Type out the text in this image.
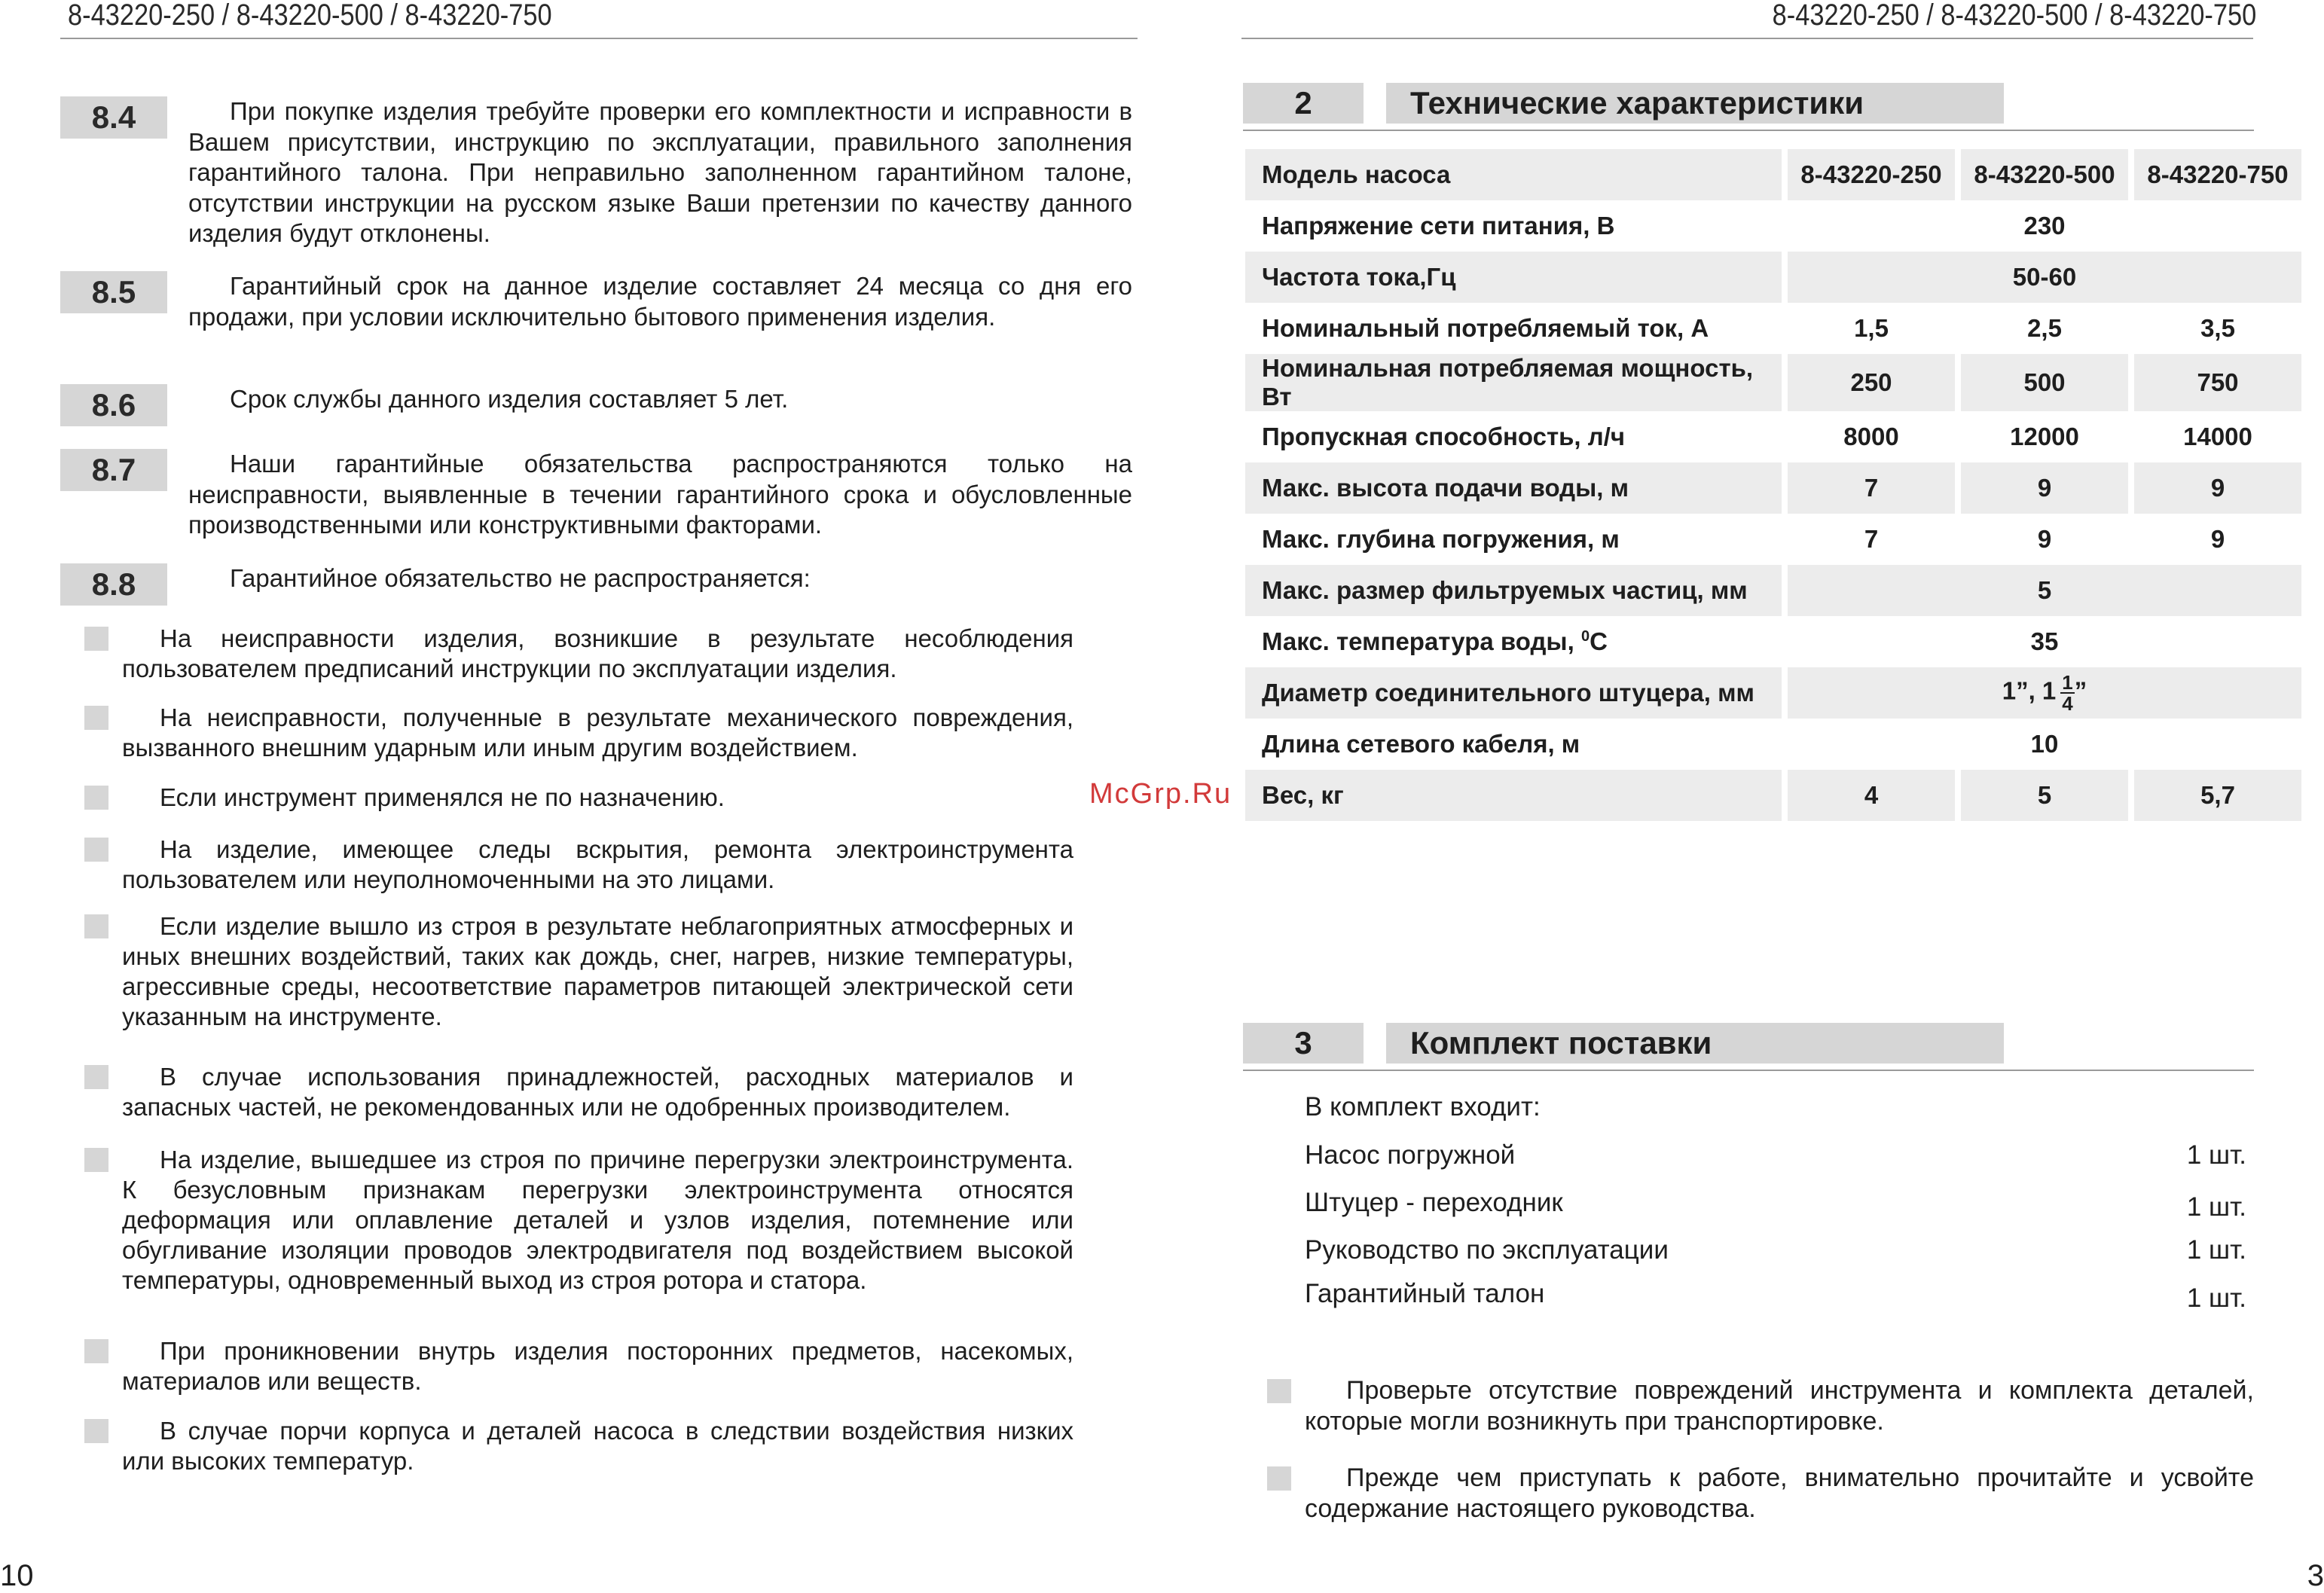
8-43220-250 / 8-43220-500 / 8-43220-750	8-43220-250 / 8-43220-500 / 8-43220-750
8.4	При покупке изделия требуйте проверки его комплектности и исправности в Вашем присутствии, инструкцию по эксплуатации, правильного заполнения гарантийного талона. При неправильно заполненном гарантийном талоне, отсутствии инструкции на русском языке Ваши претензии по качеству данного изделия будут отклонены.
8.5	Гарантийный срок на данное изделие составляет 24 месяца со дня его продажи, при условии исключительно бытового применения изделия.
8.6	Срок службы данного изделия составляет 5 лет.
8.7	Наши гарантийные обязательства распространяются только на неисправности, выявленные в течении гарантийного срока и обусловленные производственными или конструктивными факторами.
8.8	Гарантийное обязательство не распространяется:
На неисправности изделия, возникшие в результате несоблюдения пользователем предписаний инструкции по эксплуатации изделия.
На неисправности, полученные в результате механического повреждения, вызванного внешним ударным или иным другим воздействием.
Если инструмент применялся не по назначению.
На изделие, имеющее следы вскрытия, ремонта электроинструмента пользователем или неуполномоченными на это лицами.
Если изделие вышло из строя в результате неблагоприятных атмосферных и иных внешних воздействий, таких как дождь, снег, нагрев, низкие температуры, агрессивные среды, несоответствие параметров питающей электрической сети указанным на инструменте.
В случае использования принадлежностей, расходных материалов и запасных частей, не рекомендованных или не одобренных производителем.
На изделие, вышедшее из строя по причине перегрузки электроинструмента. К безусловным признакам перегрузки электроинструмента относятся деформация или оплавление деталей и узлов изделия, потемнение или обугливание изоляции проводов электродвигателя под воздействием высокой температуры, одновременный выход из строя ротора и статора.
При проникновении внутрь изделия посторонних предметов, насекомых, материалов или веществ.
В случае порчи корпуса и деталей насоса в следствии воздействия низких или высоких температур.
McGrp.Ru
2	Технические характеристики
Модель насоса	8-43220-250	8-43220-500	8-43220-750
Напряжение сети питания, В	230		
Частота тока,Гц	50-60		
Номинальный потребляемый ток, А	1,5	2,5	3,5
Номинальная потребляемая мощность, Вт	250	500	750
Пропускная способность, л/ч	8000	12000	14000
Макс. высота подачи воды, м	7	9	9
Макс. глубина погружения, м	7	9	9
Макс. размер фильтруемых частиц, мм	5		
Макс. температура воды, $^0$С	35		
Диаметр соединительного штуцера, мм	1”, $1 \frac{1}{4}$ ”		
Длина сетевого кабеля, м	10		
Вес, кг	4	5	5,7
3	Комплект поставки
В комплект входит:
Насос погружной	1 шт.
Штуцер - переходник	1 шт.
Руководство по эксплуатации	1 шт.
Гарантийный талон	1 шт.
Проверьте отсутствие повреждений инструмента и комплекта деталей, которые могли возникнуть при транспортировке.
Прежде чем приступать к работе, внимательно прочитайте и усвойте содержание настоящего руководства.
10	3
